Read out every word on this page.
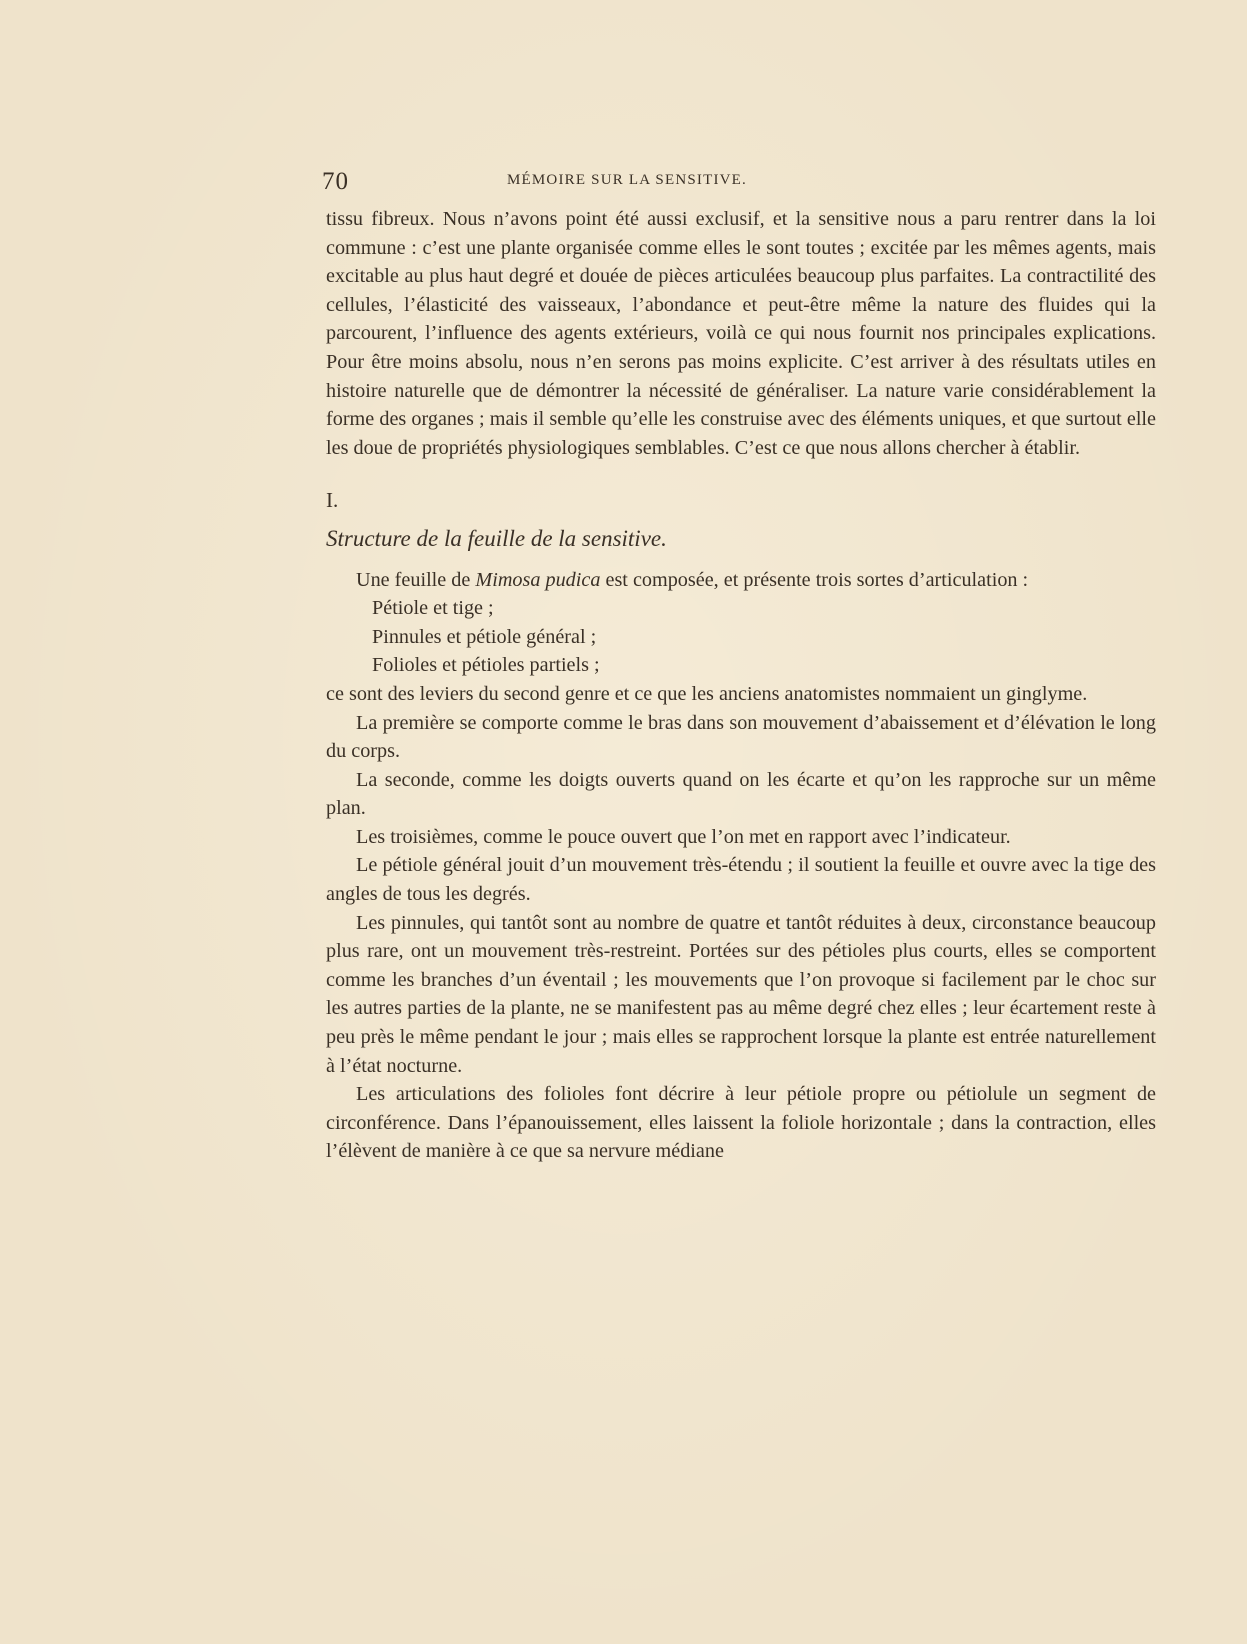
70	MÉMOIRE SUR LA SENSITIVE.

tissu fibreux. Nous n’avons point été aussi exclusif, et la sensitive nous a paru rentrer dans la loi commune : c’est une plante organisée comme elles le sont toutes ; excitée par les mêmes agents, mais excitable au plus haut degré et douée de pièces articulées beaucoup plus parfaites. La contractilité des cellules, l’élasticité des vaisseaux, l’abondance et peut-être même la nature des fluides qui la parcourent, l’influence des agents extérieurs, voilà ce qui nous fournit nos principales explications. Pour être moins absolu, nous n’en serons pas moins explicite. C’est arriver à des résultats utiles en histoire naturelle que de démontrer la nécessité de généraliser. La nature varie considérablement la forme des organes ; mais il semble qu’elle les construise avec des éléments uniques, et que surtout elle les doue de propriétés physiologiques semblables. C’est ce que nous allons chercher à établir.

I.

Structure de la feuille de la sensitive.

Une feuille de Mimosa pudica est composée, et présente trois sortes d’articulation :

Pétiole et tige ;

Pinnules et pétiole général ;

Folioles et pétioles partiels ;

ce sont des leviers du second genre et ce que les anciens anatomistes nommaient un ginglyme.

La première se comporte comme le bras dans son mouvement d’abaissement et d’élévation le long du corps.

La seconde, comme les doigts ouverts quand on les écarte et qu’on les rapproche sur un même plan.

Les troisièmes, comme le pouce ouvert que l’on met en rapport avec l’indicateur.

Le pétiole général jouit d’un mouvement très-étendu ; il soutient la feuille et ouvre avec la tige des angles de tous les degrés.

Les pinnules, qui tantôt sont au nombre de quatre et tantôt réduites à deux, circonstance beaucoup plus rare, ont un mouvement très-restreint. Portées sur des pétioles plus courts, elles se comportent comme les branches d’un éventail ; les mouvements que l’on provoque si facilement par le choc sur les autres parties de la plante, ne se manifestent pas au même degré chez elles ; leur écartement reste à peu près le même pendant le jour ; mais elles se rapprochent lorsque la plante est entrée naturellement à l’état nocturne.

Les articulations des folioles font décrire à leur pétiole propre ou pétiolule un segment de circonférence. Dans l’épanouissement, elles laissent la foliole horizontale ; dans la contraction, elles l’élèvent de manière à ce que sa nervure médiane
